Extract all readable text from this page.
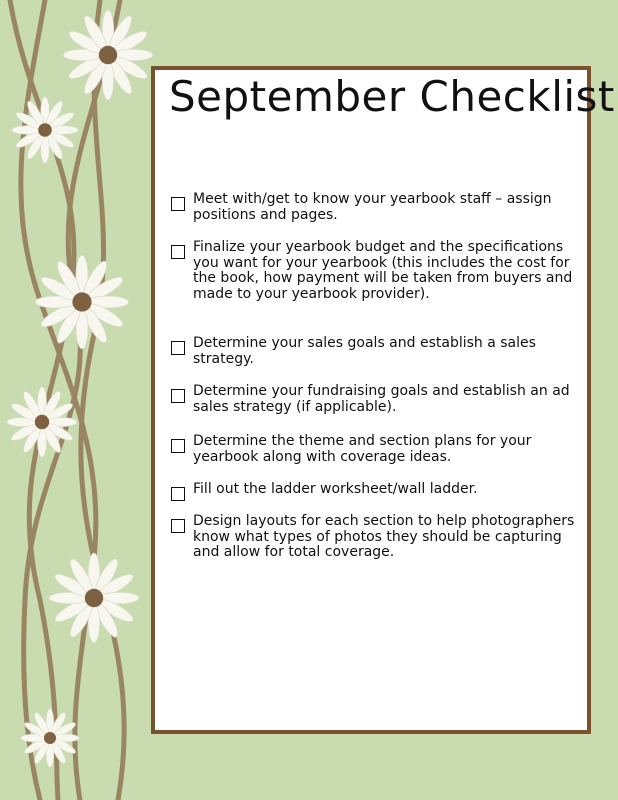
September Checklist

Meet with/get to know your yearbook staff – assign positions and pages.

Finalize your yearbook budget and the specifications you want for your yearbook (this includes the cost for the book, how payment will be taken from buyers and made to your yearbook provider).

Determine your sales goals and establish a sales strategy.

Determine your fundraising goals and establish an ad sales strategy (if applicable).

Determine the theme and section plans for your yearbook along with coverage ideas.

Fill out the ladder worksheet/wall ladder.

Design layouts for each section to help photographers know what types of photos they should be capturing and allow for total coverage.
